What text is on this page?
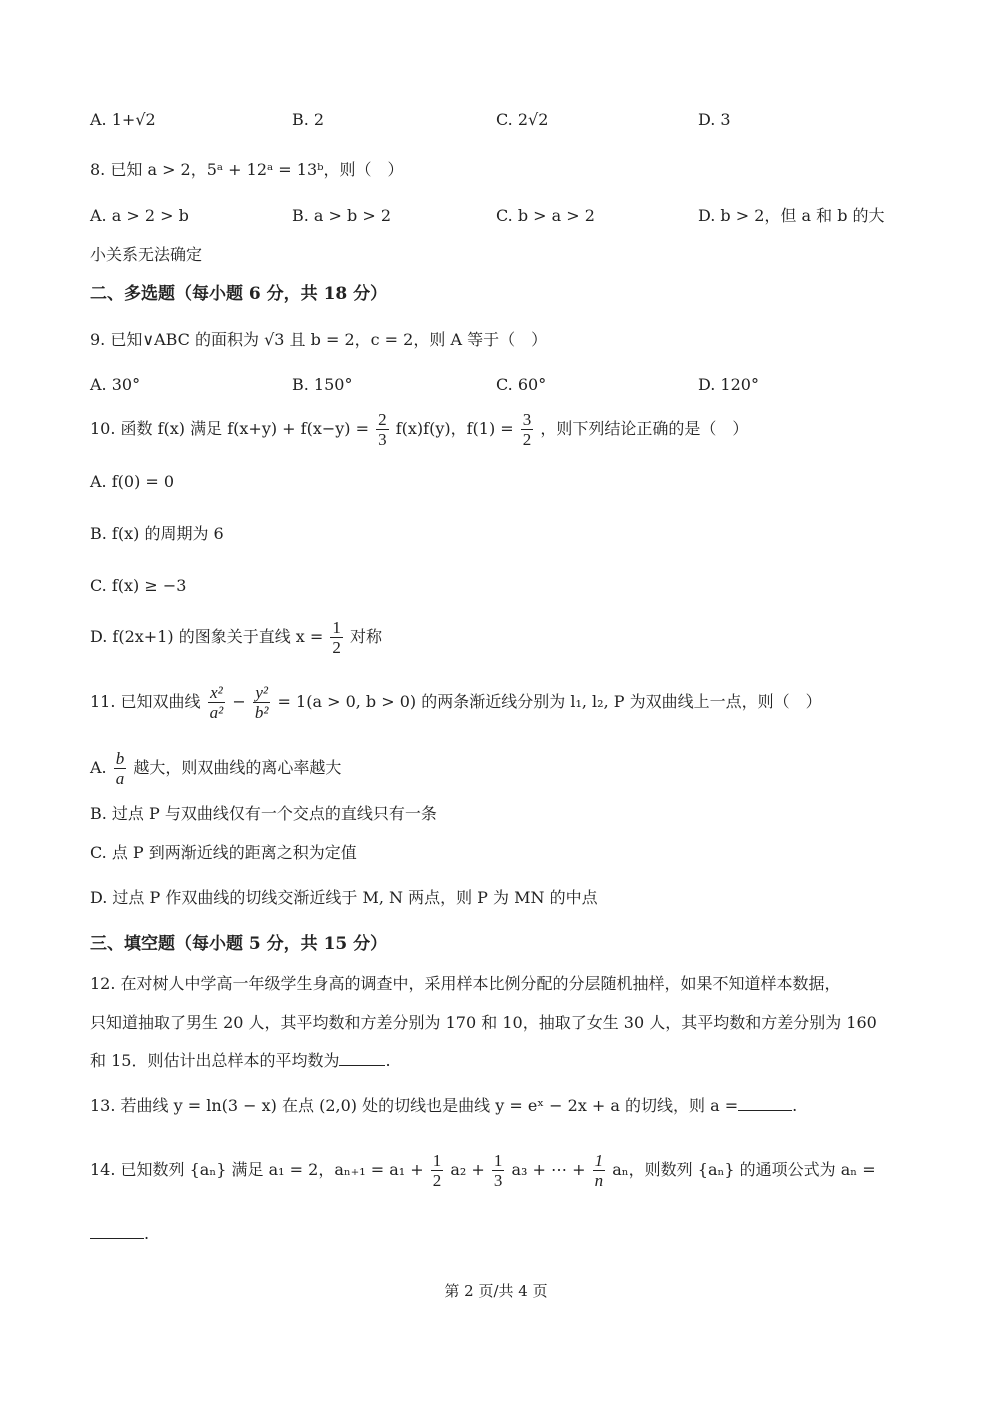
A. 1+√2	B. 2	C. 2√2	D. 3
8. 已知 a > 2，5ᵃ + 12ᵃ = 13ᵇ，则（　）
A. a > 2 > b	B. a > b > 2	C. b > a > 2	D. b > 2，但 a 和 b 的大
小关系无法确定
二、多选题（每小题 6 分，共 18 分）
9. 已知∨ABC 的面积为 √3 且 b = 2，c = 2，则 A 等于（　）
A. 30°	B. 150°	C. 60°	D. 120°
10. 函数 f(x) 满足 $f(x+y) + f(x-y) = \frac{2}{3} f(x)f(y)$，$f(1) = \frac{3}{2}$ ，则下列结论正确的是（　）
A. f(0) = 0
B. f(x) 的周期为 6
C. f(x) ≥ −3
D. f(2x+1) 的图象关于直线 $x = \frac{1}{2}$ 对称
11. 已知双曲线 $\frac{\text{x²}}{\text{a²}} - \frac{\text{y²}}{\text{b²}} = 1(a > 0$, b > 0) 的两条渐近线分别为 l₁, l₂, P 为双曲线上一点，则（　）
A. $\frac{b}{a}$ 越大，则双曲线的离心率越大
B. 过点 P 与双曲线仅有一个交点的直线只有一条
C. 点 P 到两渐近线的距离之积为定值
D. 过点 P 作双曲线的切线交渐近线于 M, N 两点，则 P 为 MN 的中点
三、填空题（每小题 5 分，共 15 分）
12. 在对树人中学高一年级学生身高的调查中，采用样本比例分配的分层随机抽样，如果不知道样本数据，
只知道抽取了男生 20 人，其平均数和方差分别为 170 和 10，抽取了女生 30 人，其平均数和方差分别为 160
和 15．则估计出总样本的平均数为	.
13. 若曲线 y = ln(3 − x) 在点 (2,0) 处的切线也是曲线 y = eˣ − 2x + a 的切线，则 a =	.
14. 已知数列 {aₙ} 满足 a₁ = 2，$a_{n+1} = a_1 + \frac{1}{2} a_2 + \frac{1}{3} a_3$ + ⋯ + $\frac{1}{n}$ aₙ，则数列 {aₙ} 的通项公式为 aₙ =
.
第 2 页/共 4 页
